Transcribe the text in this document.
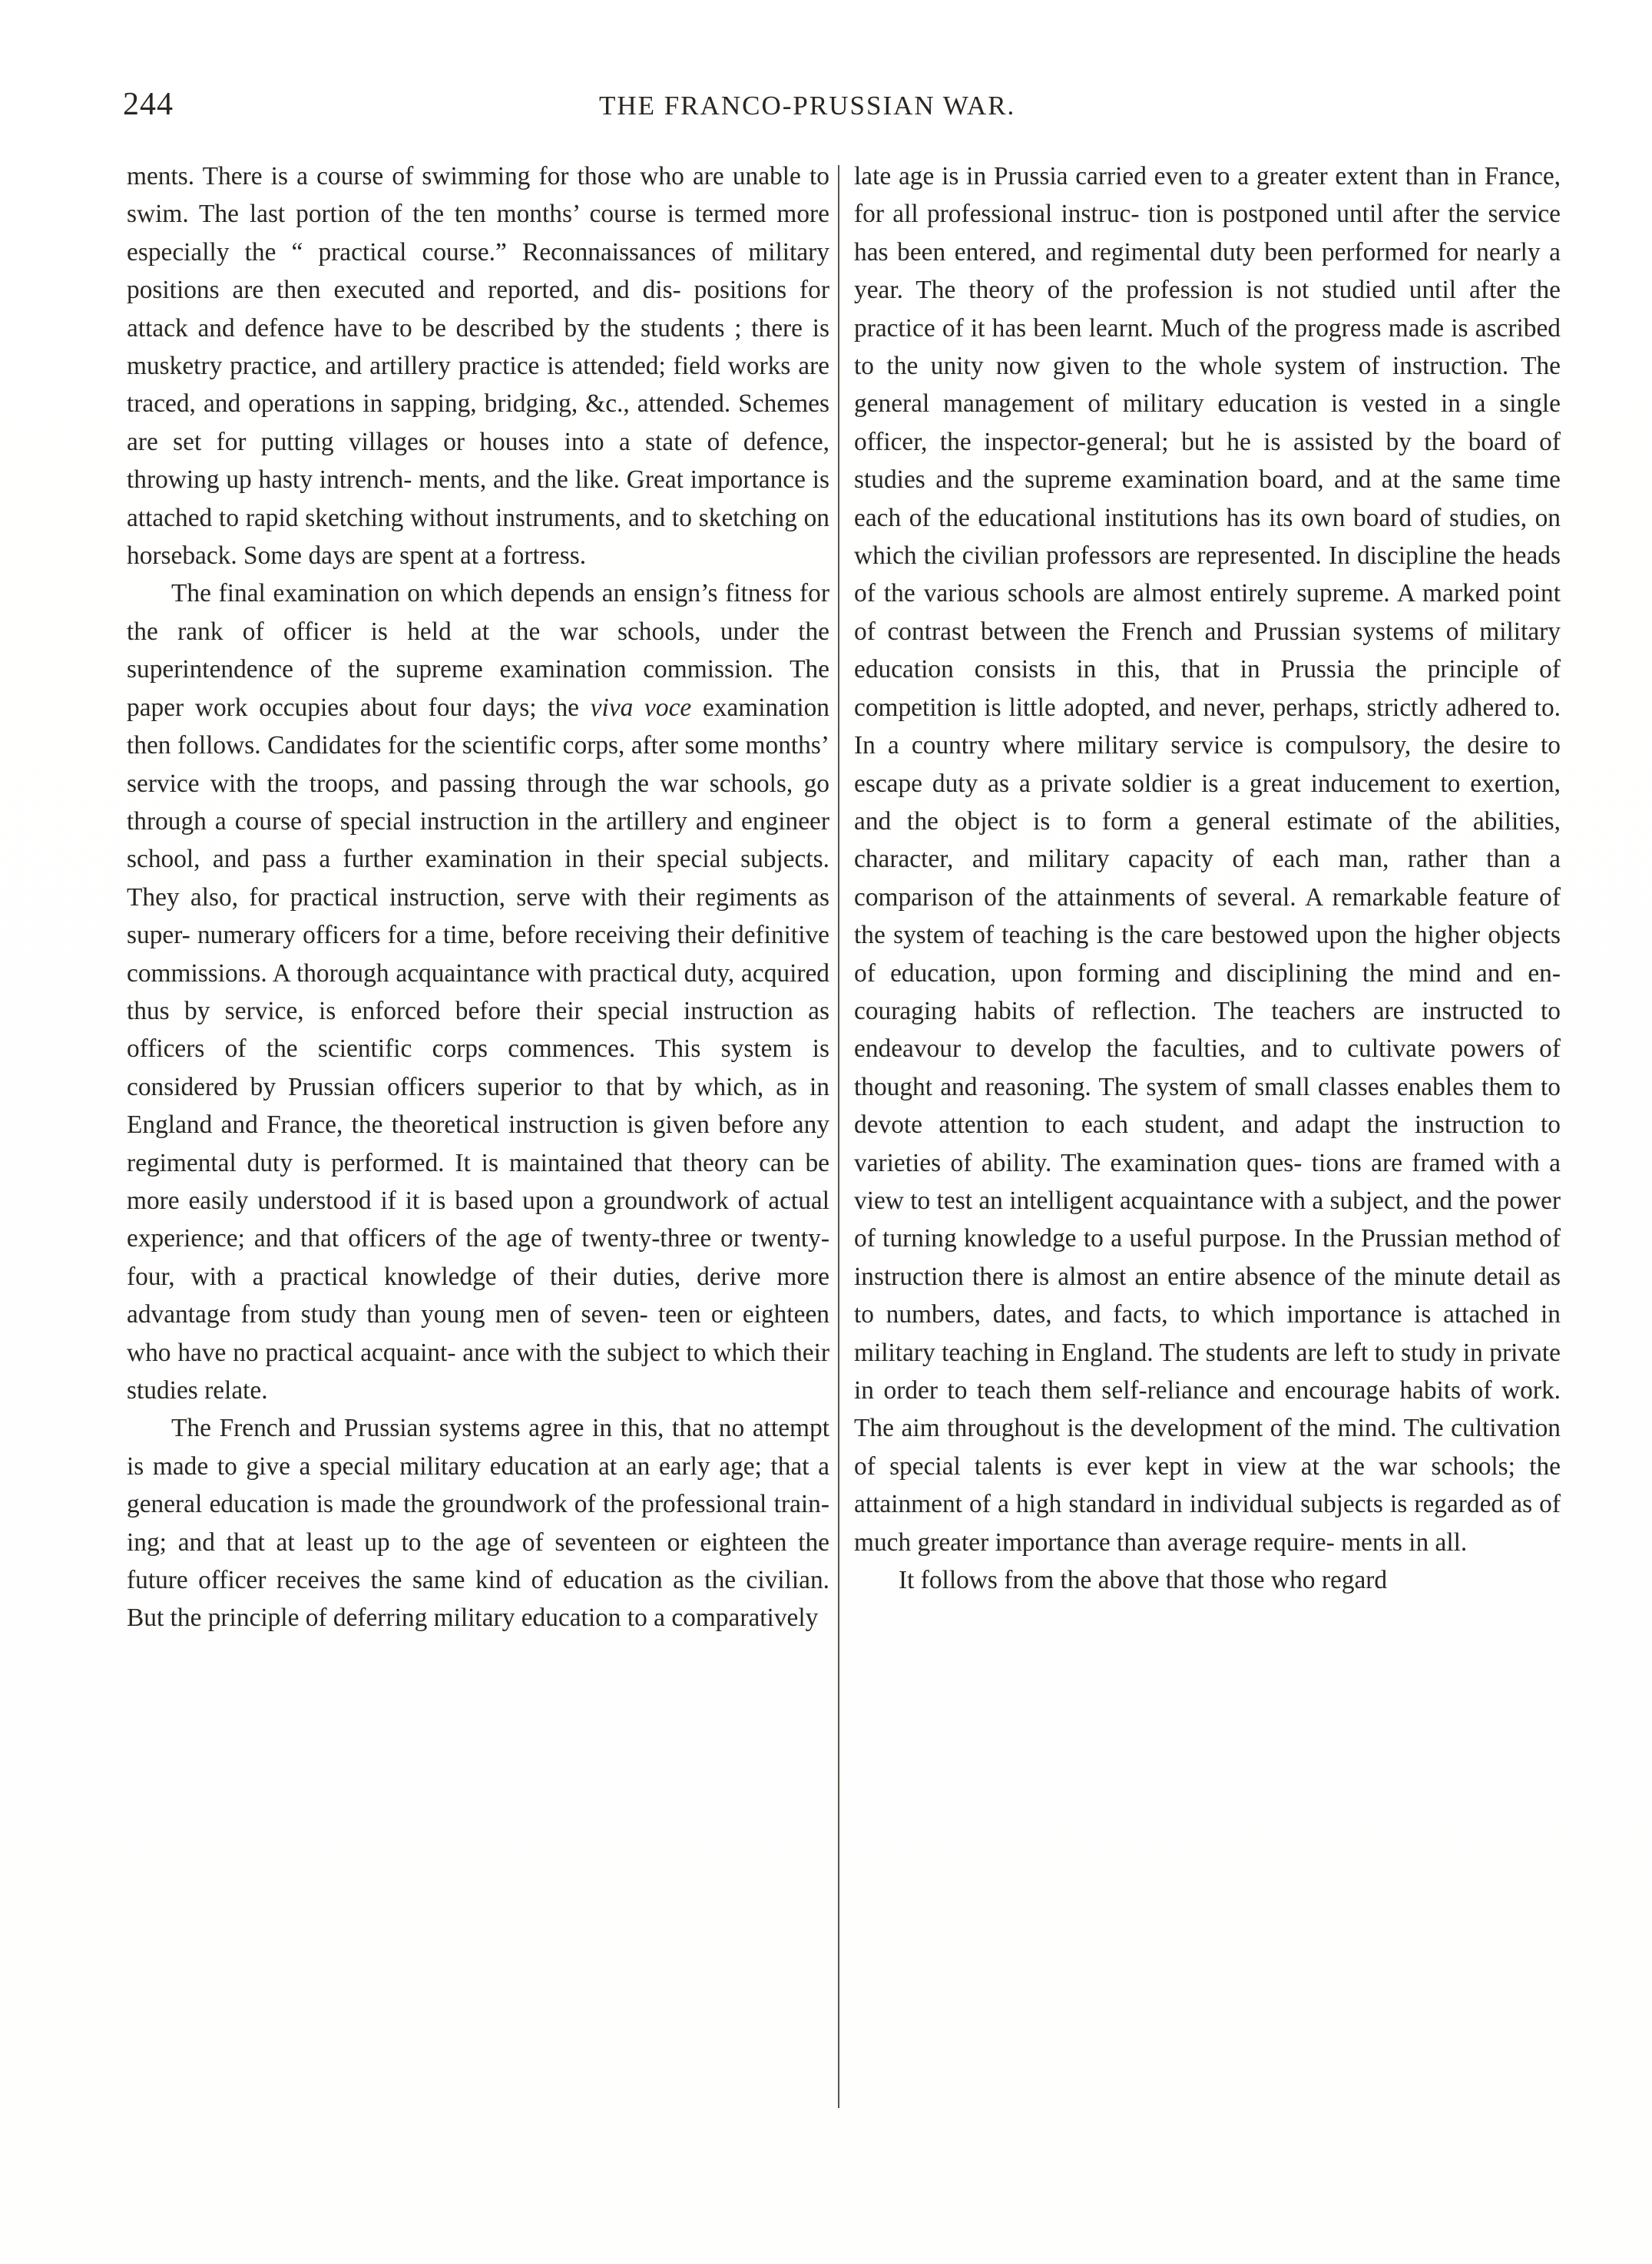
244	THE FRANCO-PRUSSIAN WAR.

ments. There is a course of swimming for those who are unable to swim. The last portion of the ten months’ course is termed more especially the “ practical course.” Reconnaissances of military positions are then executed and reported, and dis- positions for attack and defence have to be described by the students ; there is musketry practice, and artillery practice is attended; field works are traced, and operations in sapping, bridging, &c., attended. Schemes are set for putting villages or houses into a state of defence, throwing up hasty intrench- ments, and the like. Great importance is attached to rapid sketching without instruments, and to sketching on horseback. Some days are spent at a fortress.

The final examination on which depends an ensign’s fitness for the rank of officer is held at the war schools, under the superintendence of the supreme examination commission. The paper work occupies about four days; the viva voce examination then follows. Candidates for the scientific corps, after some months’ service with the troops, and passing through the war schools, go through a course of special instruction in the artillery and engineer school, and pass a further examination in their special subjects. They also, for practical instruction, serve with their regiments as super- numerary officers for a time, before receiving their definitive commissions. A thorough acquaintance with practical duty, acquired thus by service, is enforced before their special instruction as officers of the scientific corps commences. This system is considered by Prussian officers superior to that by which, as in England and France, the theoretical instruction is given before any regimental duty is performed. It is maintained that theory can be more easily understood if it is based upon a groundwork of actual experience; and that officers of the age of twenty-three or twenty-four, with a practical knowledge of their duties, derive more advantage from study than young men of seven- teen or eighteen who have no practical acquaint- ance with the subject to which their studies relate.

The French and Prussian systems agree in this, that no attempt is made to give a special military education at an early age; that a general education is made the groundwork of the professional train- ing; and that at least up to the age of seventeen or eighteen the future officer receives the same kind of education as the civilian. But the principle of deferring military education to a comparatively

late age is in Prussia carried even to a greater extent than in France, for all professional instruc- tion is postponed until after the service has been entered, and regimental duty been performed for nearly a year. The theory of the profession is not studied until after the practice of it has been learnt. Much of the progress made is ascribed to the unity now given to the whole system of instruction. The general management of military education is vested in a single officer, the inspector-general; but he is assisted by the board of studies and the supreme examination board, and at the same time each of the educational institutions has its own board of studies, on which the civilian professors are represented. In discipline the heads of the various schools are almost entirely supreme. A marked point of contrast between the French and Prussian systems of military education consists in this, that in Prussia the principle of competition is little adopted, and never, perhaps, strictly adhered to. In a country where military service is compulsory, the desire to escape duty as a private soldier is a great inducement to exertion, and the object is to form a general estimate of the abilities, character, and military capacity of each man, rather than a comparison of the attainments of several. A remarkable feature of the system of teaching is the care bestowed upon the higher objects of education, upon forming and disciplining the mind and en- couraging habits of reflection. The teachers are instructed to endeavour to develop the faculties, and to cultivate powers of thought and reasoning. The system of small classes enables them to devote attention to each student, and adapt the instruction to varieties of ability. The examination ques- tions are framed with a view to test an intelligent acquaintance with a subject, and the power of turning knowledge to a useful purpose. In the Prussian method of instruction there is almost an entire absence of the minute detail as to numbers, dates, and facts, to which importance is attached in military teaching in England. The students are left to study in private in order to teach them self-reliance and encourage habits of work. The aim throughout is the development of the mind. The cultivation of special talents is ever kept in view at the war schools; the attainment of a high standard in individual subjects is regarded as of much greater importance than average require- ments in all.

It follows from the above that those who regard
